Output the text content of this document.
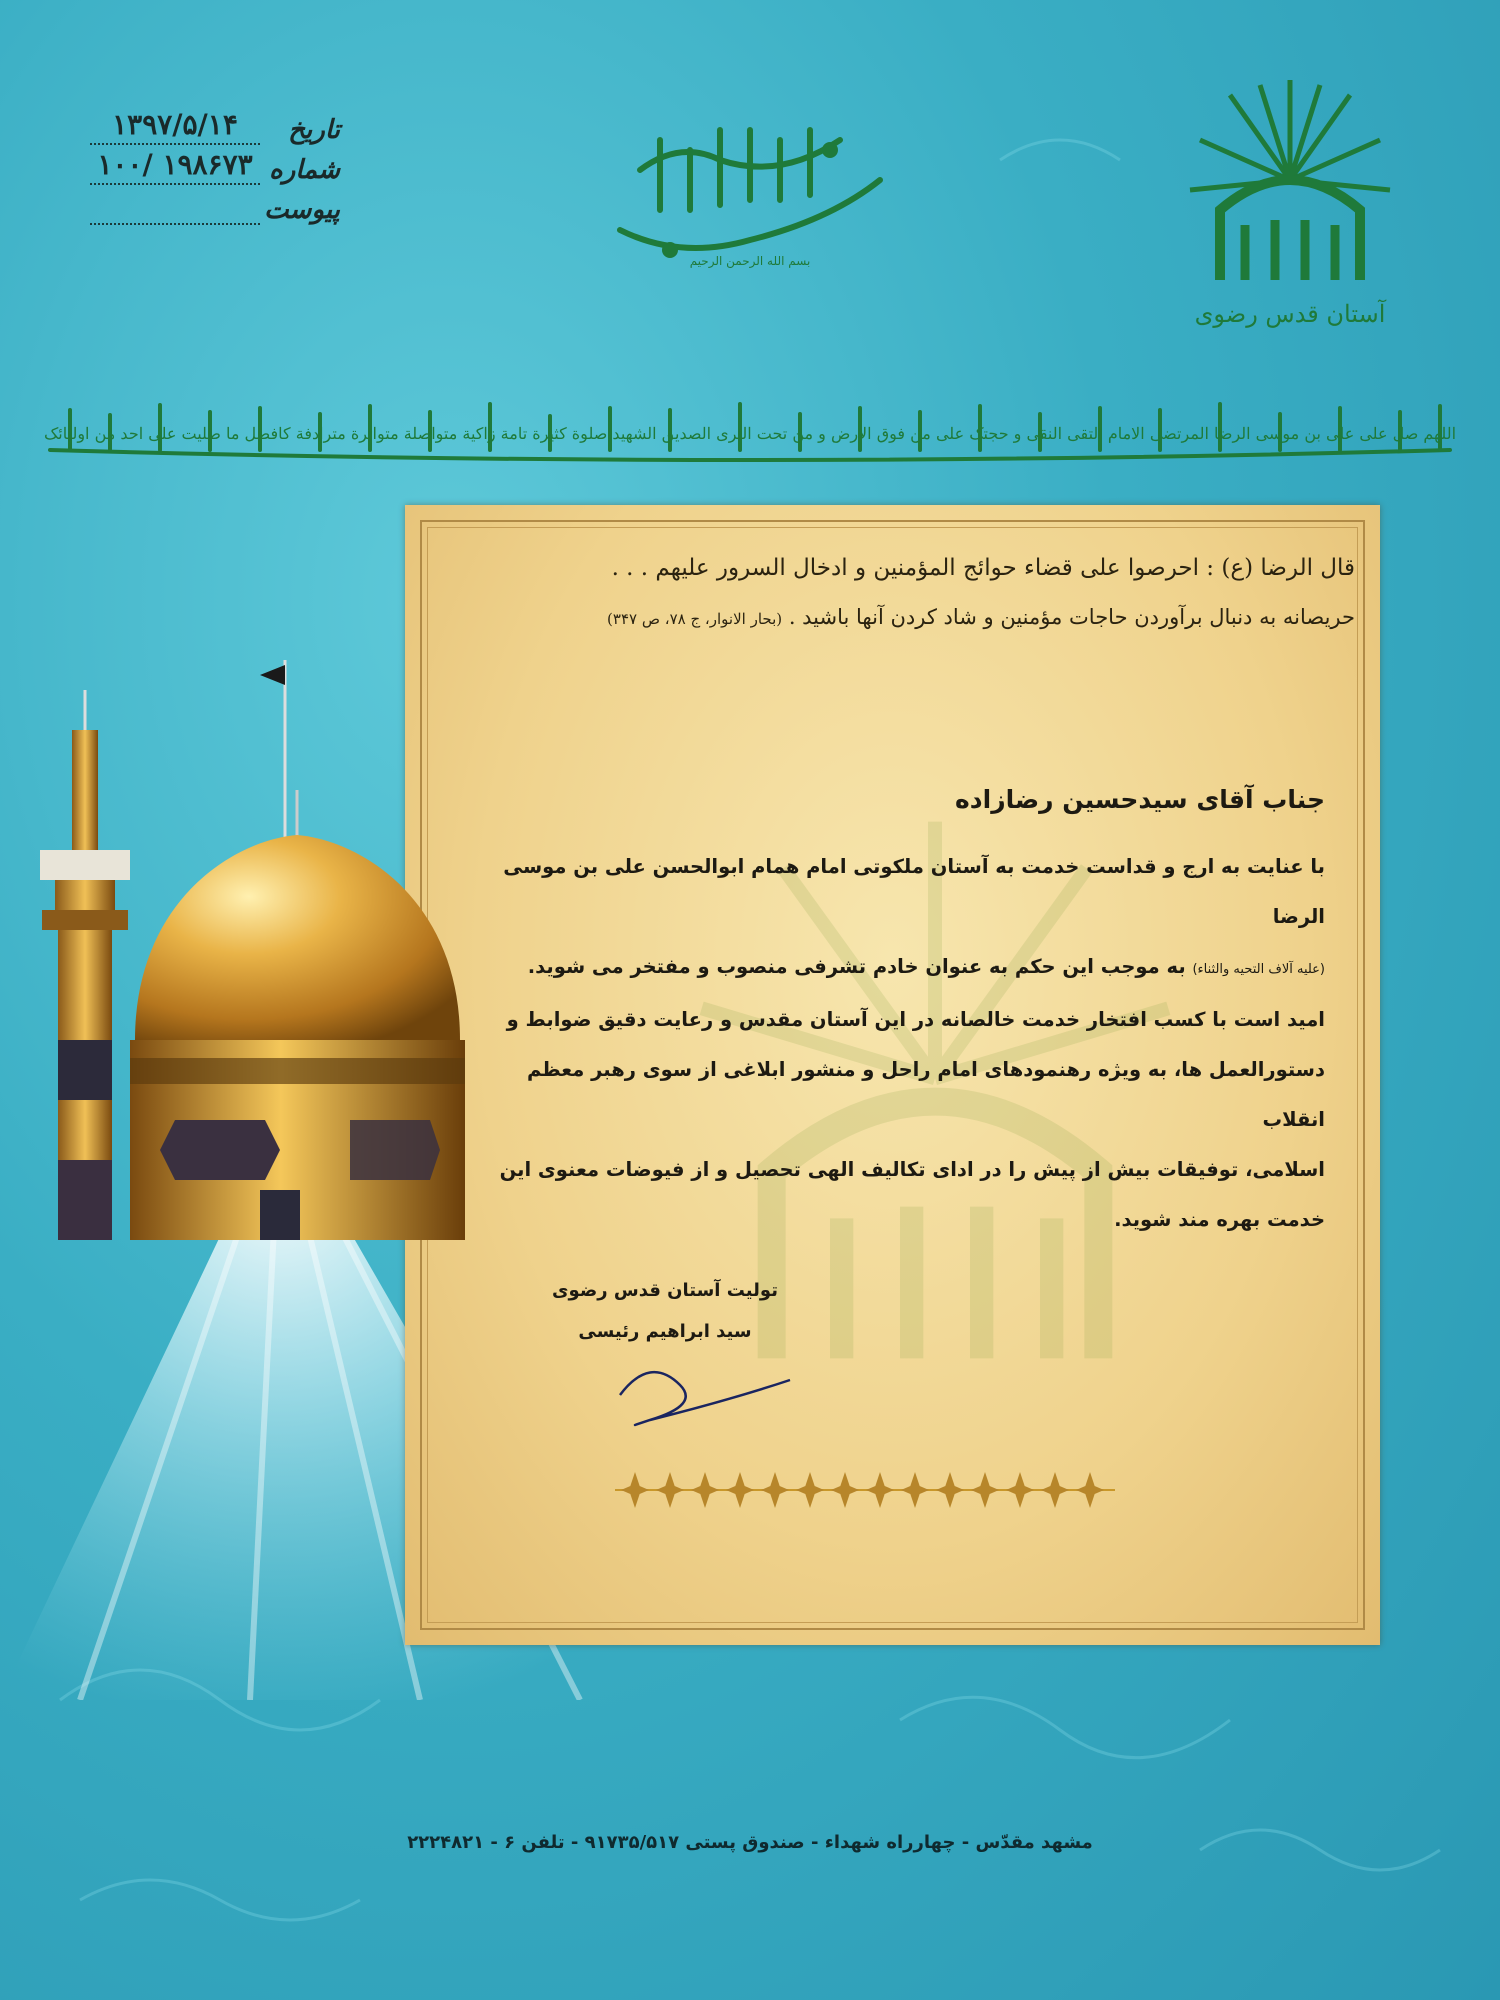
تاریخ
۱۳۹۷/۵/۱۴
شماره
۱۹۸۶۷۳ /۱۰۰
پیوست
بسم الله الرحمن الرحیم
آستان قدس رضوی
اللهم صل علی علی بن موسی الرضا المرتضی الامام التقی النقی و حجتک علی من فوق الارض و من تحت الثری الصدیق الشهید صلوة کثیرة تامة زاکیة متواصلة متواترة مترادفة کافضل ما صلیت علی احد من اولیائک
قال الرضا (ع) : احرصوا علی قضاء حوائج المؤمنین و ادخال السرور علیهم . . .
حریصانه به دنبال برآوردن حاجات مؤمنین و شاد کردن آنها باشید . (بحار الانوار، ج ۷۸، ص ۳۴۷)
جناب آقای سیدحسین رضازاده

با عنایت به ارج و قداست خدمت به آستان ملکوتی امام همام ابوالحسن علی بن موسی الرضا

(علیه آلاف التحیه والثناء) به موجب این حکم به عنوان خادم تشرفی منصوب و مفتخر می شوید.

امید است با کسب افتخار خدمت خالصانه در این آستان مقدس و رعایت دقیق ضوابط و

دستورالعمل ها، به ویژه رهنمودهای امام راحل و منشور ابلاغی از سوی رهبر معظم انقلاب

اسلامی، توفیقات بیش از پیش را در ادای تکالیف الهی تحصیل و از فیوضات معنوی این

خدمت بهره مند شوید.

تولیت آستان قدس رضوی
سید ابراهیم رئیسی
مشهد مقدّس - چهارراه شهداء - صندوق پستی ۹۱۷۳۵/۵۱۷ - تلفن ۶ - ۲۲۲۴۸۲۱
